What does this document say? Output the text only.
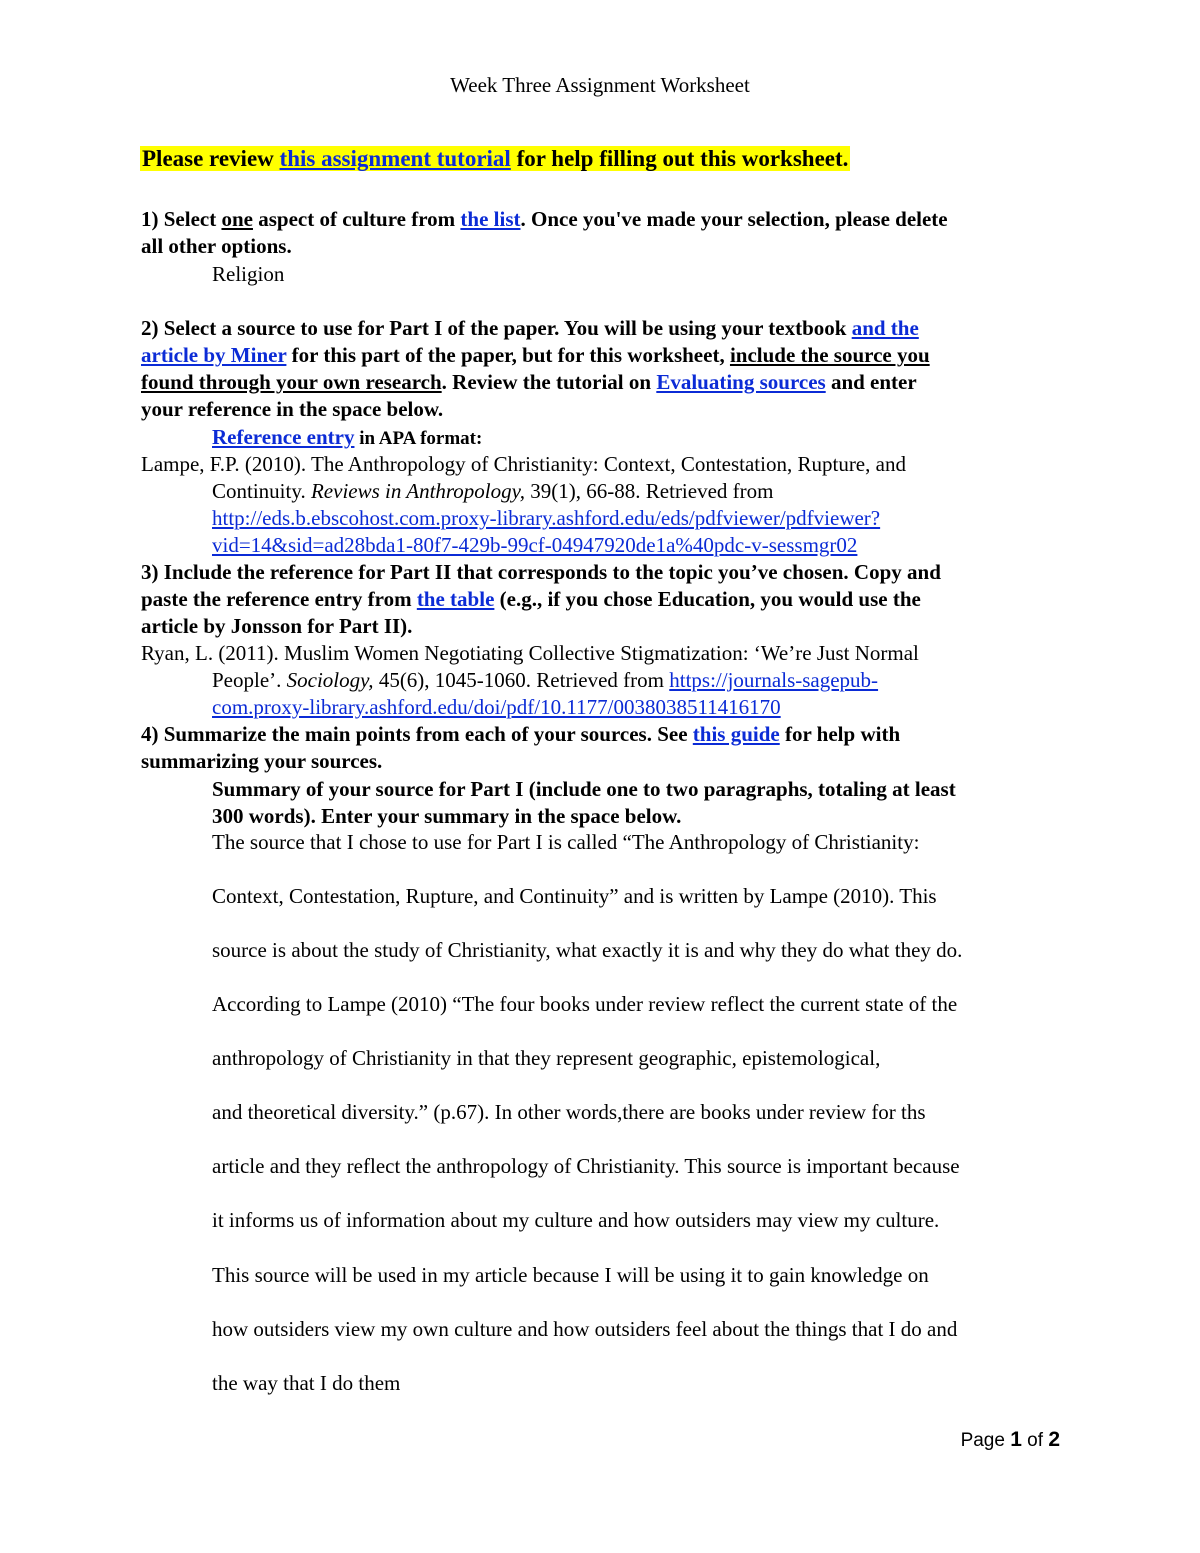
Week Three Assignment Worksheet
Please review this assignment tutorial for help filling out this worksheet.
1) Select one aspect of culture from the list. Once you've made your selection, please delete
all other options.
Religion
2) Select a source to use for Part I of the paper. You will be using your textbook and the
article by Miner for this part of the paper, but for this worksheet, include the source you
found through your own research. Review the tutorial on Evaluating sources and enter
your reference in the space below.
Reference entry in APA format:
Lampe, F.P. (2010). The Anthropology of Christianity: Context, Contestation, Rupture, and
Continuity. Reviews in Anthropology, 39(1), 66-88. Retrieved from
http://eds.b.ebscohost.com.proxy-library.ashford.edu/eds/pdfviewer/pdfviewer?
vid=14&sid=ad28bda1-80f7-429b-99cf-04947920de1a%40pdc-v-sessmgr02
3) Include the reference for Part II that corresponds to the topic you’ve chosen. Copy and
paste the reference entry from the table (e.g., if you chose Education, you would use the
article by Jonsson for Part II).
Ryan, L. (2011). Muslim Women Negotiating Collective Stigmatization: ‘We’re Just Normal
People’. Sociology, 45(6), 1045-1060. Retrieved from https://journals-sagepub-
com.proxy-library.ashford.edu/doi/pdf/10.1177/0038038511416170
4) Summarize the main points from each of your sources. See this guide for help with
summarizing your sources.
Summary of your source for Part I (include one to two paragraphs, totaling at least
300 words). Enter your summary in the space below.
The source that I chose to use for Part I is called “The Anthropology of Christianity:
Context, Contestation, Rupture, and Continuity” and is written by Lampe (2010). This
source is about the study of Christianity, what exactly it is and why they do what they do.
According to Lampe (2010) “The four books under review reflect the current state of the
anthropology of Christianity in that they represent geographic, epistemological,
and theoretical diversity.” (p.67). In other words,there are books under review for ths
article and they reflect the anthropology of Christianity. This source is important because
it informs us of information about my culture and how outsiders may view my culture.
This source will be used in my article because I will be using it to gain knowledge on
how outsiders view my own culture and how outsiders feel about the things that I do and
the way that I do them
Page 1 of 2
